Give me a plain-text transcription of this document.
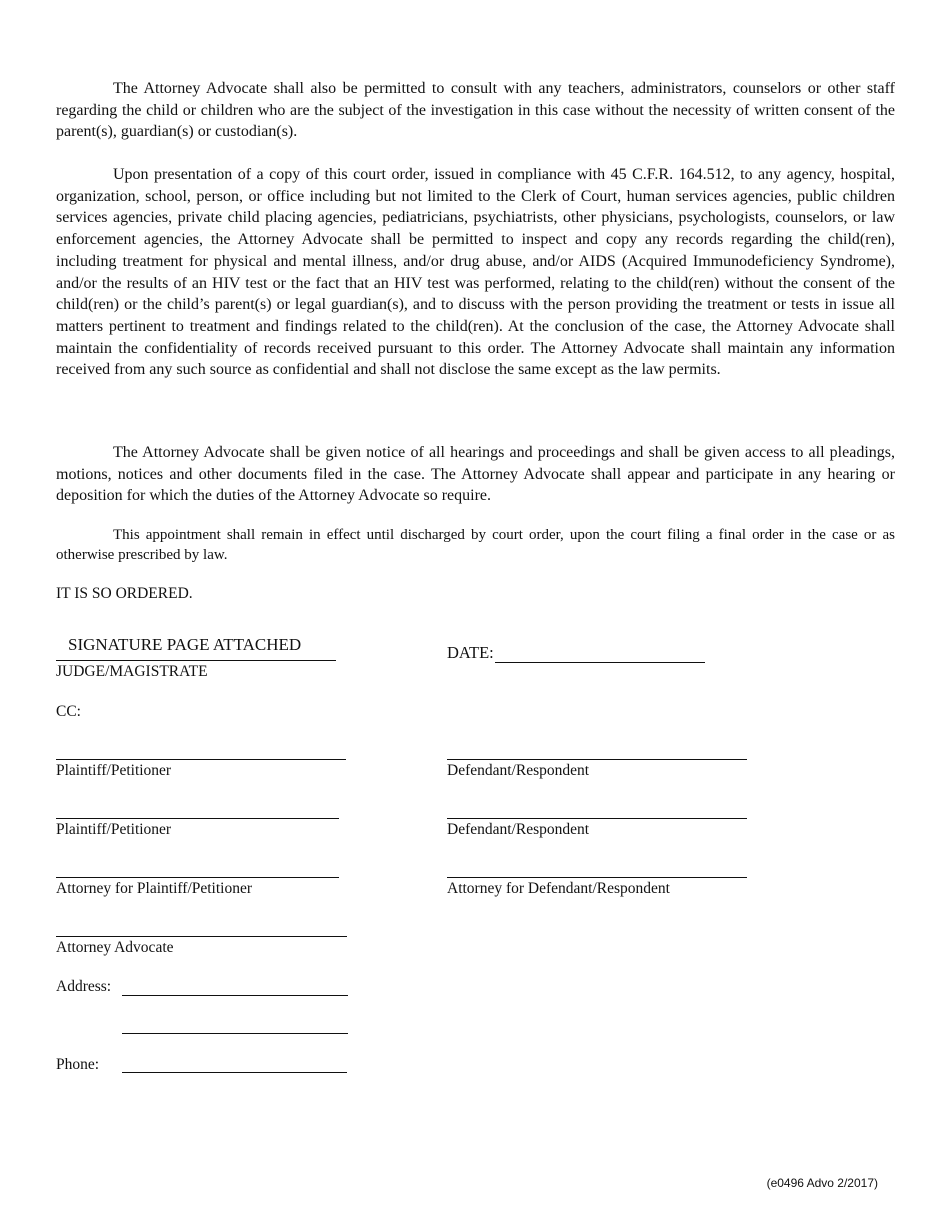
The Attorney Advocate shall also be permitted to consult with any teachers, administrators, counselors or other staff regarding the child or children who are the subject of the investigation in this case without the necessity of written consent of the parent(s), guardian(s) or custodian(s).

Upon presentation of a copy of this court order, issued in compliance with 45 C.F.R. 164.512, to any agency, hospital, organization, school, person, or office including but not limited to the Clerk of Court, human services agencies, public children services agencies, private child placing agencies, pediatricians, psychiatrists, other physicians, psychologists, counselors, or law enforcement agencies, the Attorney Advocate shall be permitted to inspect and copy any records regarding the child(ren), including treatment for physical and mental illness, and/or drug abuse, and/or AIDS (Acquired Immunodeficiency Syndrome), and/or the results of an HIV test or the fact that an HIV test was performed, relating to the child(ren) without the consent of the child(ren) or the child’s parent(s) or legal guardian(s), and to discuss with the person providing the treatment or tests in issue all matters pertinent to treatment and findings related to the child(ren). At the conclusion of the case, the Attorney Advocate shall maintain the confidentiality of records received pursuant to this order. The Attorney Advocate shall maintain any information received from any such source as confidential and shall not disclose the same except as the law permits.

The Attorney Advocate shall be given notice of all hearings and proceedings and shall be given access to all pleadings, motions, notices and other documents filed in the case. The Attorney Advocate shall appear and participate in any hearing or deposition for which the duties of the Attorney Advocate so require.

This appointment shall remain in effect until discharged by court order, upon the court filing a final order in the case or as otherwise prescribed by law.

IT IS SO ORDERED.
SIGNATURE PAGE ATTACHED
JUDGE/MAGISTRATE
DATE:
CC:
Plaintiff/Petitioner	Defendant/Respondent
Plaintiff/Petitioner	Defendant/Respondent
Attorney for Plaintiff/Petitioner	Attorney for Defendant/Respondent
Attorney Advocate
Address:
Phone:
(e0496 Advo 2/2017)
